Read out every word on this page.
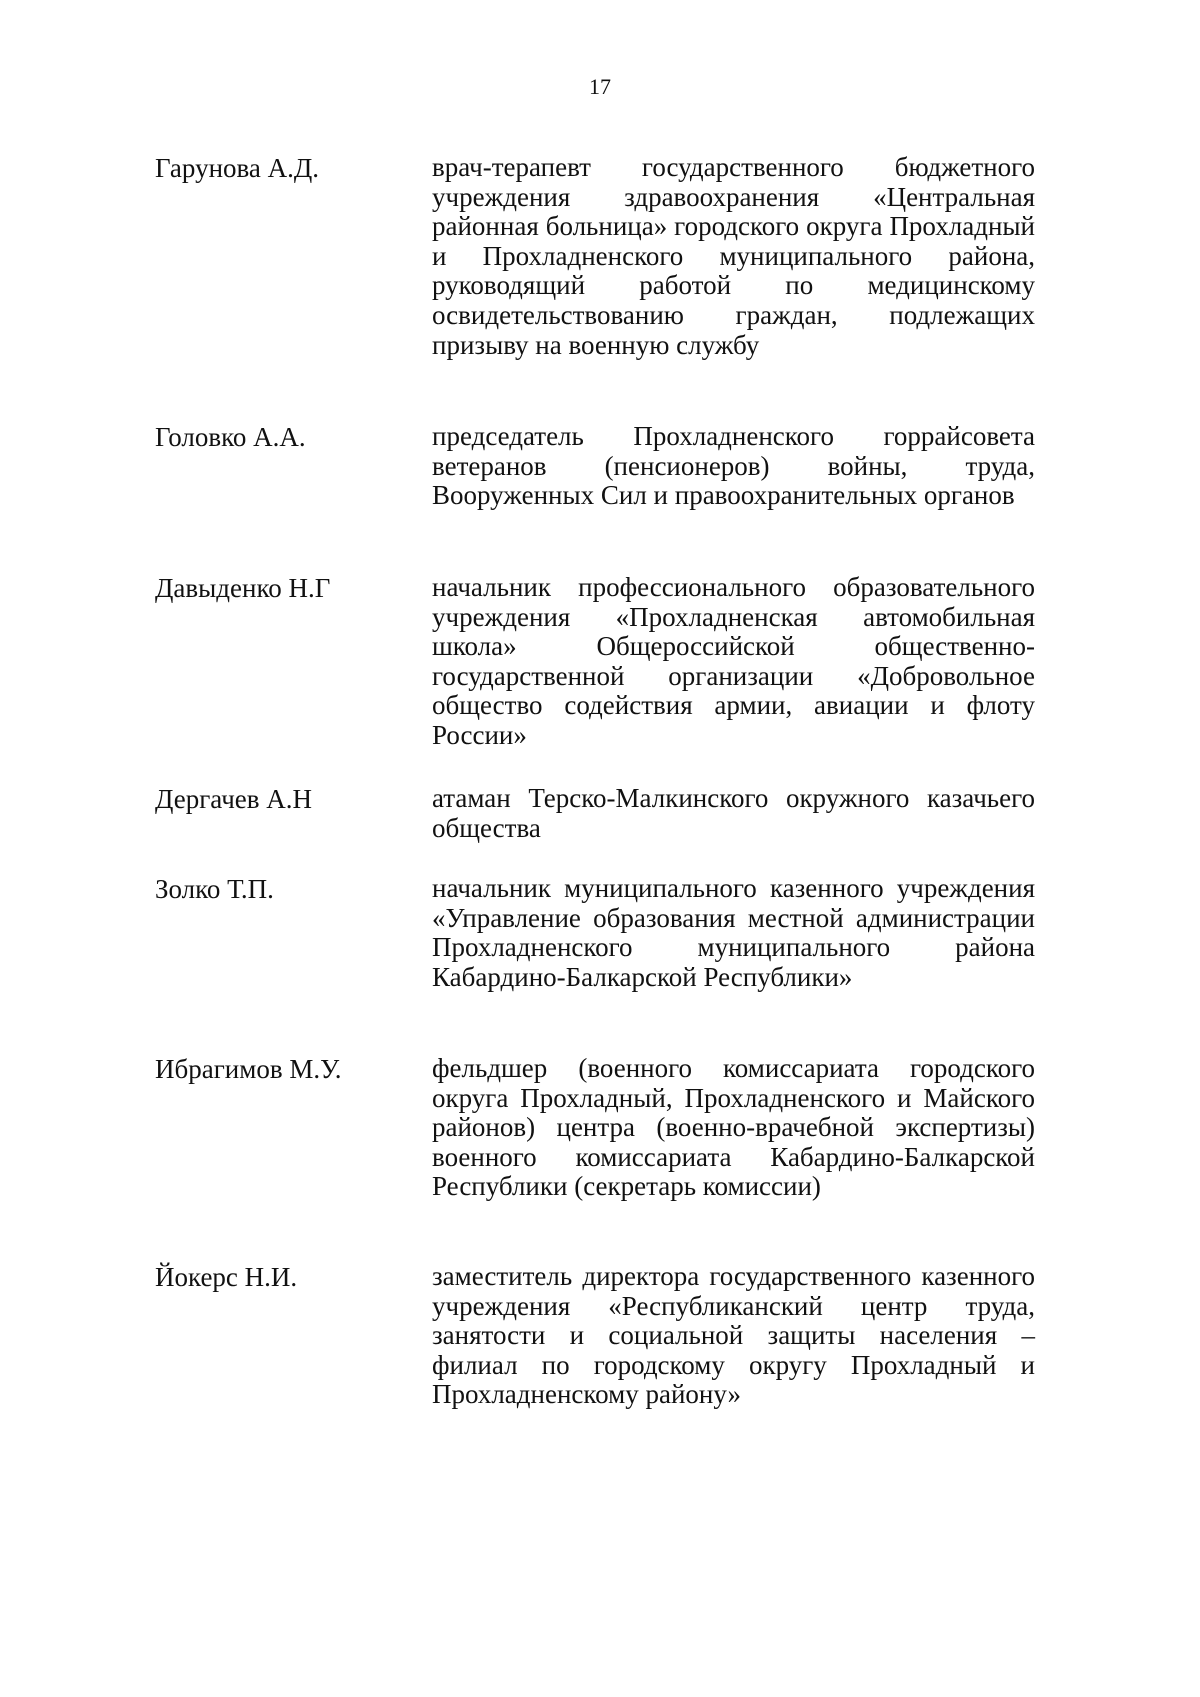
17
Гарунова А.Д.	врач-терапевт государственного бюджетного учреждения здравоохранения «Центральная районная больница» городского округа Прохладный и Прохладненского муниципального района, руководящий работой по медицинскому освидетельствованию граждан, подлежащих призыву на военную службу
Головко А.А.	председатель Прохладненского горрайсовета ветеранов (пенсионеров) войны, труда, Вооруженных Сил и правоохранительных органов
Давыденко Н.Г	начальник профессионального образовательного учреждения «Прохладненская автомобильная школа» Общероссийской общественно-государственной организации «Добровольное общество содействия армии, авиации и флоту России»
Дергачев А.Н	атаман Терско-Малкинского окружного казачьего общества
Золко Т.П.	начальник муниципального казенного учреждения «Управление образования местной администрации Прохладненского муниципального района Кабардино-Балкарской Республики»
Ибрагимов М.У.	фельдшер (военного комиссариата городского округа Прохладный, Прохладненского и Майского районов) центра (военно-врачебной экспертизы) военного комиссариата Кабардино-Балкарской Республики (секретарь комиссии)
Йокерс Н.И.	заместитель директора государственного казенного учреждения «Республиканский центр труда, занятости и социальной защиты населения – филиал по городскому округу Прохладный и Прохладненскому району»
